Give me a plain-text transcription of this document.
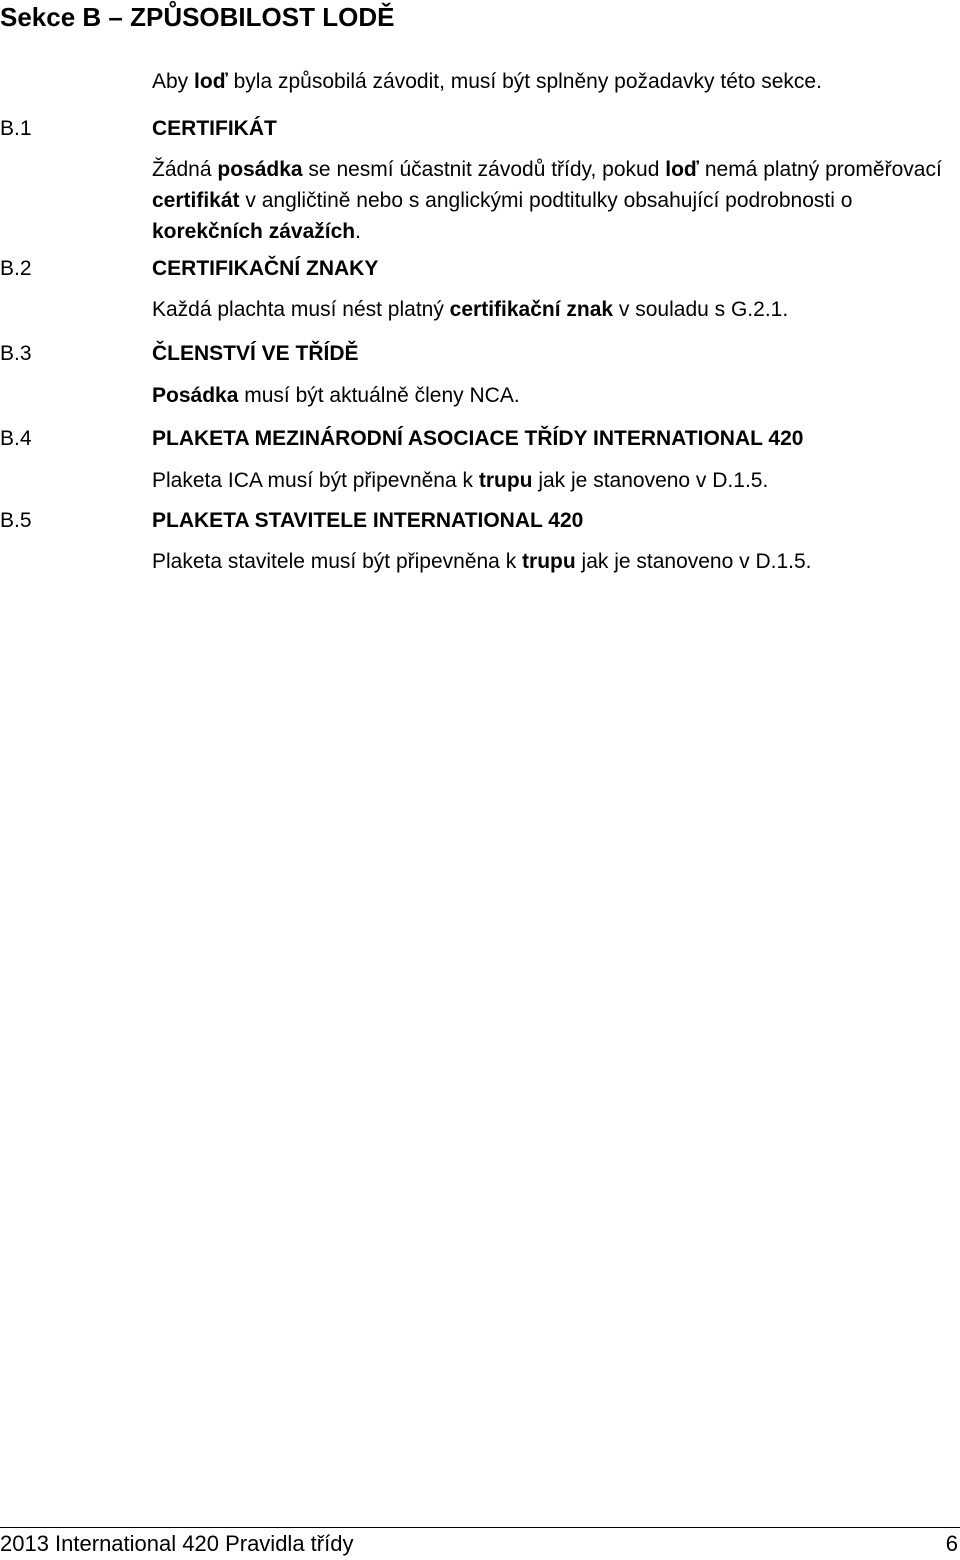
Sekce B – ZPŮSOBILOST LODĚ

Aby loď byla způsobilá závodit, musí být splněny požadavky této sekce.

B.1	CERTIFIKÁT

Žádná posádka se nesmí účastnit závodů třídy, pokud loď nemá platný proměřovací certifikát v angličtině nebo s anglickými podtitulky obsahující podrobnosti o korekčních závažích.

B.2	CERTIFIKAČNÍ ZNAKY

Každá plachta musí nést platný certifikační znak v souladu s G.2.1.

B.3	ČLENSTVÍ VE TŘÍDĚ

Posádka musí být aktuálně členy NCA.

B.4	PLAKETA MEZINÁRODNÍ ASOCIACE TŘÍDY INTERNATIONAL 420

Plaketa ICA musí být připevněna k trupu jak je stanoveno v D.1.5.

B.5	PLAKETA STAVITELE INTERNATIONAL 420

Plaketa stavitele musí být připevněna k trupu jak je stanoveno v D.1.5.

2013 International 420 Pravidla třídy	6
